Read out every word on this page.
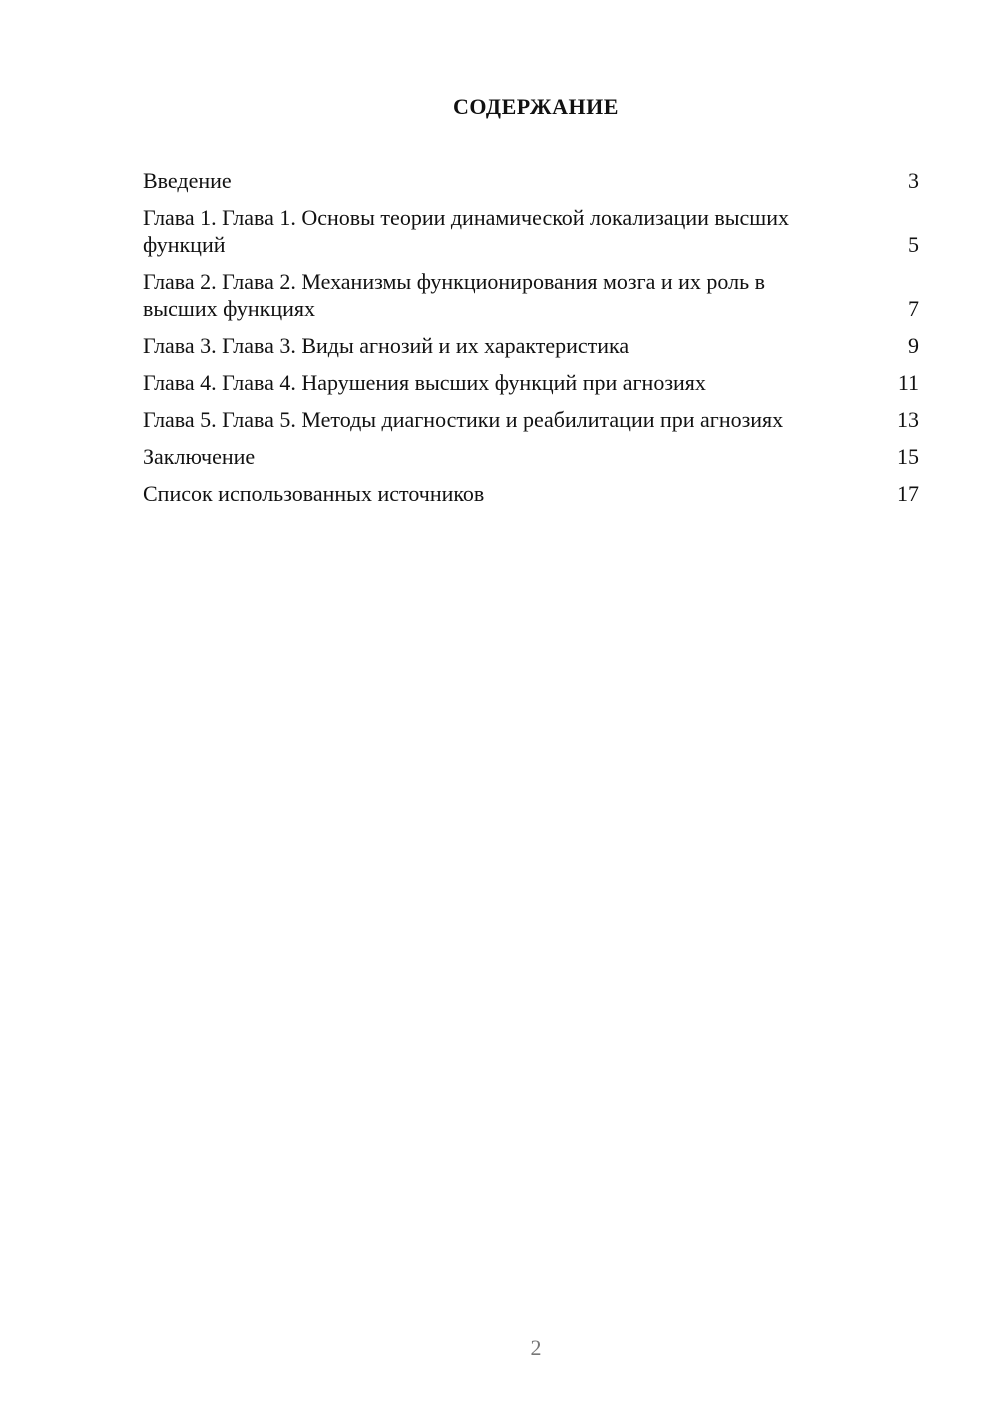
СОДЕРЖАНИЕ
Введение	3
Глава 1. Глава 1. Основы теории динамической локализации высших функций	5
Глава 2. Глава 2. Механизмы функционирования мозга и их роль в высших функциях	7
Глава 3. Глава 3. Виды агнозий и их характеристика	9
Глава 4. Глава 4. Нарушения высших функций при агнозиях	11
Глава 5. Глава 5. Методы диагностики и реабилитации при агнозиях	13
Заключение	15
Список использованных источников	17
2
